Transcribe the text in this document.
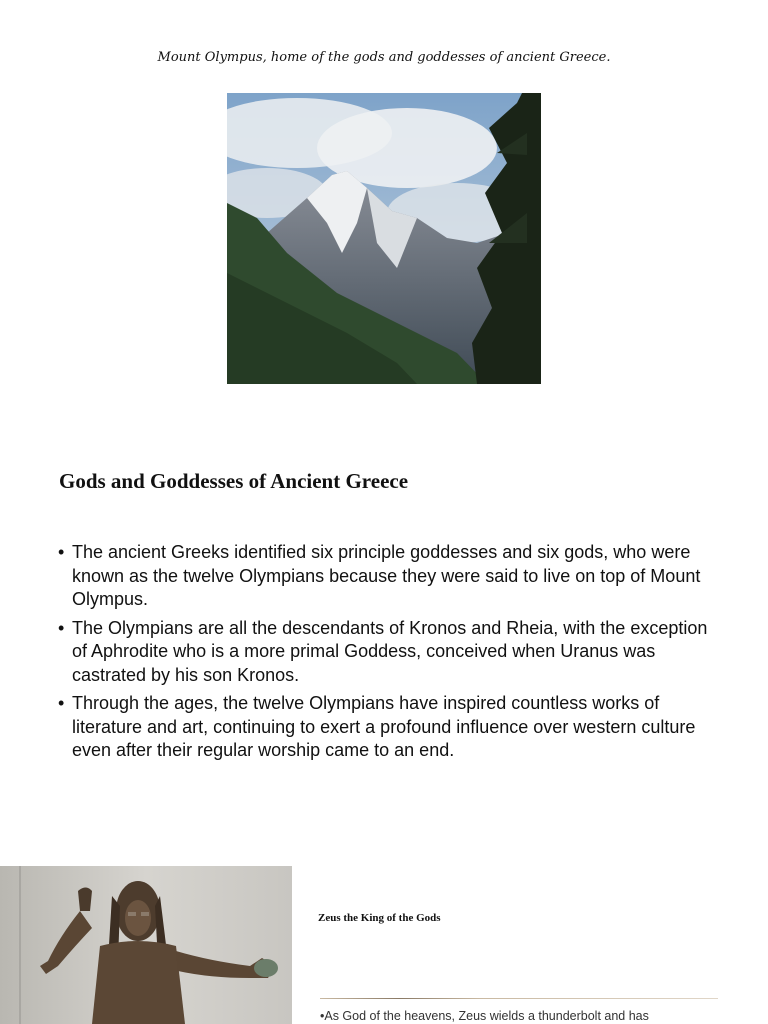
Mount Olympus, home of the gods and goddesses of ancient Greece.
Gods and Goddesses of Ancient Greece
• The ancient Greeks identified six principle goddesses and six gods, who were known as the twelve Olympians because they were said to live on top of Mount Olympus.
• The Olympians are all the descendants of Kronos and Rheia, with the exception of Aphrodite who is a more primal Goddess, conceived when Uranus was castrated by his son Kronos.
• Through the ages, the twelve Olympians have inspired countless works of literature and art, continuing to exert a profound influence over western culture even after their regular worship came to an end.
Zeus the King of the Gods

•As God of the heavens, Zeus wields a thunderbolt and has
